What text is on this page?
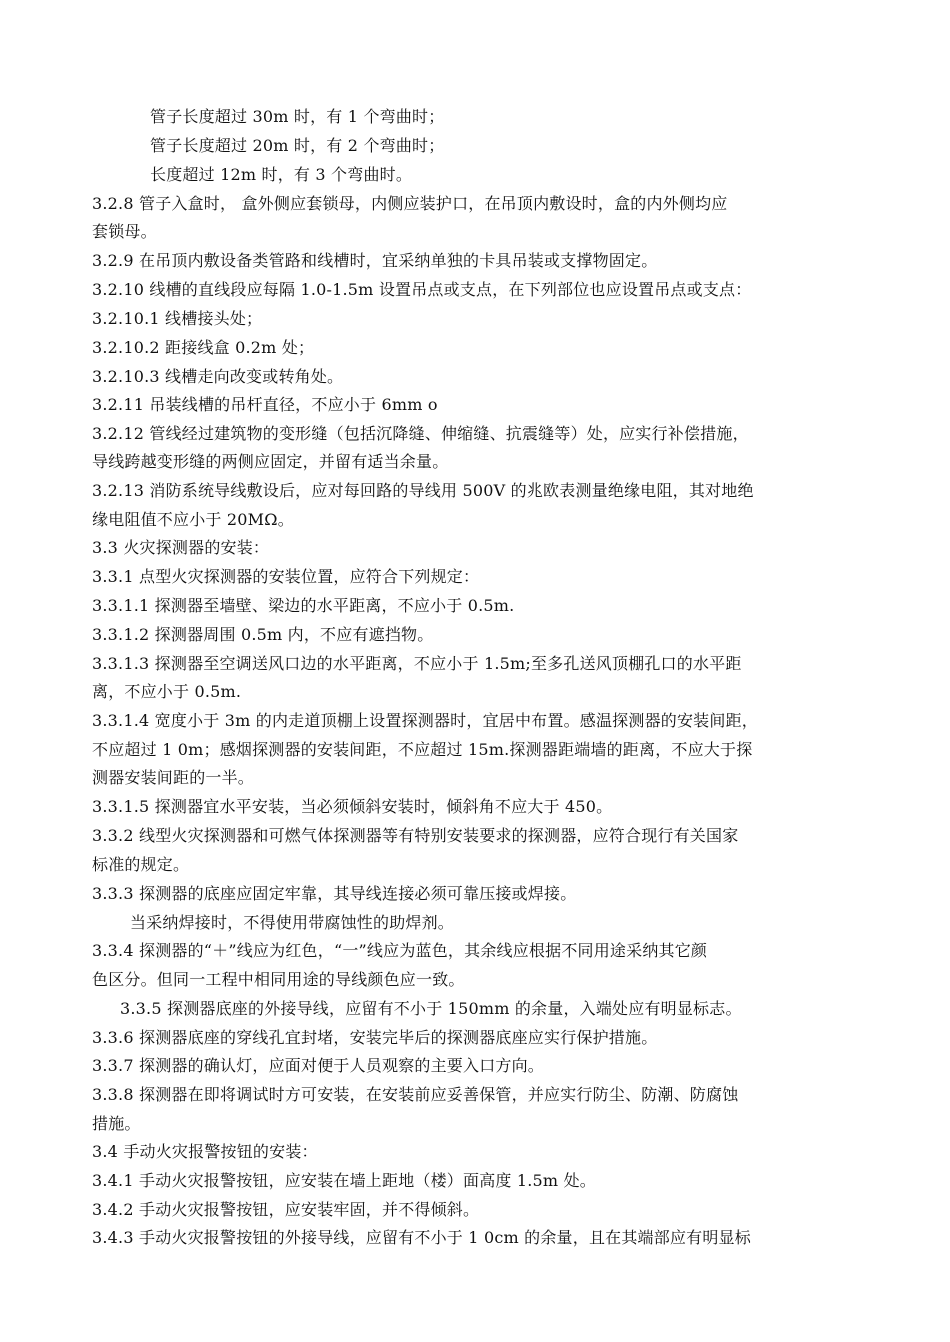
管子长度超过 30m 时，有 1 个弯曲时；
管子长度超过 20m 时，有 2 个弯曲时；
长度超过 12m 时，有 3 个弯曲时。
3.2.8 管子入盒时， 盒外侧应套锁母，内侧应装护口，在吊顶内敷设时，盒的内外侧均应
套锁母。
3.2.9 在吊顶内敷设备类管路和线槽时，宜采纳单独的卡具吊装或支撑物固定。
3.2.10 线槽的直线段应每隔 1.0-1.5m 设置吊点或支点，在下列部位也应设置吊点或支点：
3.2.10.1 线槽接头处；
3.2.10.2 距接线盒 0.2m 处；
3.2.10.3 线槽走向改变或转角处。
3.2.11 吊装线槽的吊杆直径，不应小于 6mm o
3.2.12 管线经过建筑物的变形缝（包括沉降缝、伸缩缝、抗震缝等）处，应实行补偿措施，
导线跨越变形缝的两侧应固定，并留有适当余量。
3.2.13 消防系统导线敷设后，应对每回路的导线用 500V 的兆欧表测量绝缘电阻，其对地绝
缘电阻值不应小于 20MΩ。
3.3 火灾探测器的安装：
3.3.1 点型火灾探测器的安装位置，应符合下列规定：
3.3.1.1 探测器至墙壁、梁边的水平距离，不应小于 0.5m.
3.3.1.2 探测器周围 0.5m 内，不应有遮挡物。
3.3.1.3 探测器至空调送风口边的水平距离，不应小于 1.5m;至多孔送风顶棚孔口的水平距
离，不应小于 0.5m.
3.3.1.4 宽度小于 3m 的内走道顶棚上设置探测器时，宜居中布置。感温探测器的安装间距，
不应超过 1 0m；感烟探测器的安装间距，不应超过 15m.探测器距端墙的距离，不应大于探
测器安装间距的一半。
3.3.1.5 探测器宜水平安装，当必须倾斜安装时，倾斜角不应大于 450。
3.3.2 线型火灾探测器和可燃气体探测器等有特别安装要求的探测器，应符合现行有关国家
标准的规定。
3.3.3 探测器的底座应固定牢靠，其导线连接必须可靠压接或焊接。
当采纳焊接时，不得使用带腐蚀性的助焊剂。
3.3.4 探测器的“＋”线应为红色，“一”线应为蓝色，其余线应根据不同用途采纳其它颜
色区分。但同一工程中相同用途的导线颜色应一致。
3.3.5 探测器底座的外接导线，应留有不小于 150mm 的余量，入端处应有明显标志。
3.3.6 探测器底座的穿线孔宜封堵，安装完毕后的探测器底座应实行保护措施。
3.3.7 探测器的确认灯，应面对便于人员观察的主要入口方向。
3.3.8 探测器在即将调试时方可安装，在安装前应妥善保管，并应实行防尘、防潮、防腐蚀
措施。
3.4 手动火灾报警按钮的安装：
3.4.1 手动火灾报警按钮，应安装在墙上距地（楼）面高度 1.5m 处。
3.4.2 手动火灾报警按钮，应安装牢固，并不得倾斜。
3.4.3 手动火灾报警按钮的外接导线，应留有不小于 1 0cm 的余量，且在其端部应有明显标
